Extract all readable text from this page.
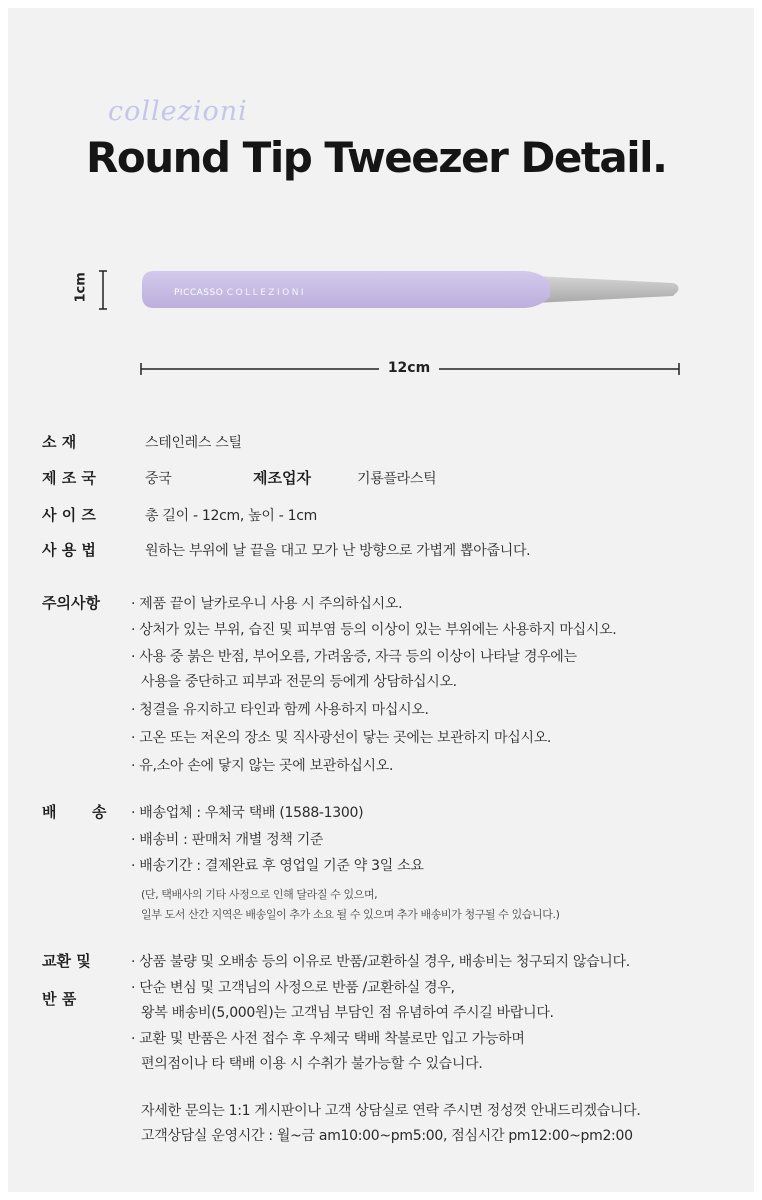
collezioni
Round Tip Tweezer Detail.
1cm	PICCASSO COLLEZIONI
12cm
소 재	스테인레스 스틸
제 조 국	중국	제조업자	기룡플라스틱
사 이 즈	총 길이 - 12cm, 높이 - 1cm
사 용 법	원하는 부위에 날 끝을 대고 모가 난 방향으로 가볍게 뽑아줍니다.
주의사항 · 제품 끝이 날카로우니 사용 시 주의하십시오.
· 상처가 있는 부위, 습진 및 피부염 등의 이상이 있는 부위에는 사용하지 마십시오.
· 사용 중 붉은 반점, 부어오름, 가려움증, 자극 등의 이상이 나타날 경우에는
사용을 중단하고 피부과 전문의 등에게 상담하십시오.
· 청결을 유지하고 타인과 함께 사용하지 마십시오.
· 고온 또는 저온의 장소 및 직사광선이 닿는 곳에는 보관하지 마십시오.
· 유,소아 손에 닿지 않는 곳에 보관하십시오.
배 송 · 배송업체 : 우체국 택배 (1588-1300)
· 배송비 : 판매처 개별 정책 기준
· 배송기간 : 결제완료 후 영업일 기준 약 3일 소요
(단, 택배사의 기타 사정으로 인해 달라질 수 있으며,
일부 도서 산간 지역은 배송일이 추가 소요 될 수 있으며 추가 배송비가 청구될 수 있습니다.)
교환 및
반 품
· 상품 불량 및 오배송 등의 이유로 반품/교환하실 경우, 배송비는 청구되지 않습니다.
· 단순 변심 및 고객님의 사정으로 반품 /교환하실 경우,
왕복 배송비(5,000원)는 고객님 부담인 점 유념하여 주시길 바랍니다.
· 교환 및 반품은 사전 접수 후 우체국 택배 착불로만 입고 가능하며
편의점이나 타 택배 이용 시 수취가 불가능할 수 있습니다.
자세한 문의는 1:1 게시판이나 고객 상담실로 연락 주시면 정성껏 안내드리겠습니다.
고객상담실 운영시간 : 월~금 am10:00~pm5:00, 점심시간 pm12:00~pm2:00
